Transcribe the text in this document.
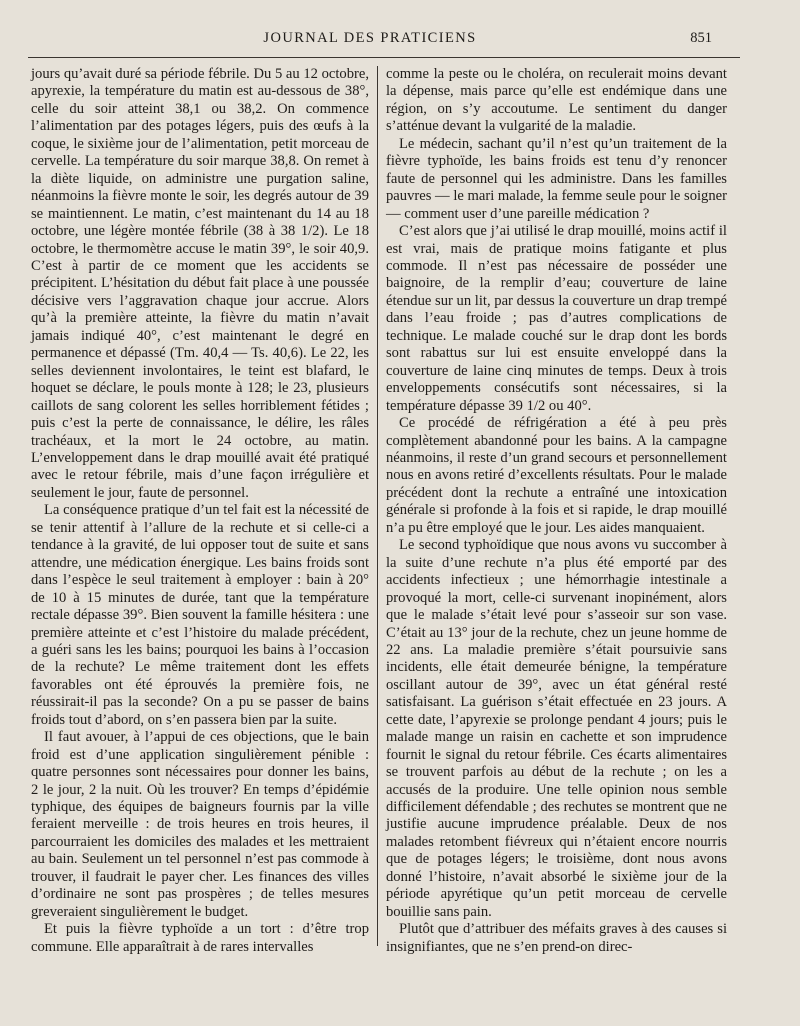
JOURNAL DES PRATICIENS	851

jours qu’avait duré sa période fébrile. Du 5 au 12 octobre, apyrexie, la température du matin est au-dessous de 38°, celle du soir atteint 38,1 ou 38,2. On commence l’alimentation par des potages légers, puis des œufs à la coque, le sixième jour de l’alimentation, petit morceau de cervelle. La température du soir marque 38,8. On remet à la diète liquide, on administre une purgation saline, néanmoins la fièvre monte le soir, les degrés autour de 39 se maintiennent. Le matin, c’est maintenant du 14 au 18 octobre, une légère montée fébrile (38 à 38 1/2). Le 18 octobre, le thermomètre accuse le matin 39°, le soir 40,9. C’est à partir de ce moment que les accidents se précipitent. L’hésitation du début fait place à une poussée décisive vers l’aggravation chaque jour accrue. Alors qu’à la première atteinte, la fièvre du matin n’avait jamais indiqué 40°, c’est maintenant le degré en permanence et dépassé (Tm. 40,4 — Ts. 40,6). Le 22, les selles deviennent involontaires, le teint est blafard, le hoquet se déclare, le pouls monte à 128; le 23, plusieurs caillots de sang colorent les selles horriblement fétides ; puis c’est la perte de connaissance, le délire, les râles trachéaux, et la mort le 24 octobre, au matin. L’enveloppement dans le drap mouillé avait été pratiqué avec le retour fébrile, mais d’une façon irrégulière et seulement le jour, faute de personnel.

La conséquence pratique d’un tel fait est la nécessité de se tenir attentif à l’allure de la rechute et si celle-ci a tendance à la gravité, de lui opposer tout de suite et sans attendre, une médication énergique. Les bains froids sont dans l’espèce le seul traitement à employer : bain à 20° de 10 à 15 minutes de durée, tant que la température rectale dépasse 39°. Bien souvent la famille hésitera : une première atteinte et c’est l’histoire du malade précédent, a guéri sans les les bains; pourquoi les bains à l’occasion de la rechute? Le même traitement dont les effets favorables ont été éprouvés la première fois, ne réussirait-il pas la seconde? On a pu se passer de bains froids tout d’abord, on s’en passera bien par la suite.

Il faut avouer, à l’appui de ces objections, que le bain froid est d’une application singulièrement pénible : quatre personnes sont nécessaires pour donner les bains, 2 le jour, 2 la nuit. Où les trouver? En temps d’épidémie typhique, des équipes de baigneurs fournis par la ville feraient merveille : de trois heures en trois heures, il parcourraient les domiciles des malades et les mettraient au bain. Seulement un tel personnel n’est pas commode à trouver, il faudrait le payer cher. Les finances des villes d’ordinaire ne sont pas prospères ; de telles mesures greveraient singulièrement le budget.

Et puis la fièvre typhoïde a un tort : d’être trop commune. Elle apparaîtrait à de rares intervalles

comme la peste ou le choléra, on reculerait moins devant la dépense, mais parce qu’elle est endémique dans une région, on s’y accoutume. Le sentiment du danger s’atténue devant la vulgarité de la maladie.

Le médecin, sachant qu’il n’est qu’un traitement de la fièvre typhoïde, les bains froids est tenu d’y renoncer faute de personnel qui les administre. Dans les familles pauvres — le mari malade, la femme seule pour le soigner — comment user d’une pareille médication ?

C’est alors que j’ai utilisé le drap mouillé, moins actif il est vrai, mais de pratique moins fatigante et plus commode. Il n’est pas nécessaire de posséder une baignoire, de la remplir d’eau; couverture de laine étendue sur un lit, par dessus la couverture un drap trempé dans l’eau froide ; pas d’autres complications de technique. Le malade couché sur le drap dont les bords sont rabattus sur lui est ensuite enveloppé dans la couverture de laine cinq minutes de temps. Deux à trois enveloppements consécutifs sont nécessaires, si la température dépasse 39 1/2 ou 40°.

Ce procédé de réfrigération a été à peu près complètement abandonné pour les bains. A la campagne néanmoins, il reste d’un grand secours et personnellement nous en avons retiré d’excellents résultats. Pour le malade précédent dont la rechute a entraîné une intoxication générale si profonde à la fois et si rapide, le drap mouillé n’a pu être employé que le jour. Les aides manquaient.

Le second typhoïdique que nous avons vu succomber à la suite d’une rechute n’a plus été emporté par des accidents infectieux ; une hémorrhagie intestinale a provoqué la mort, celle-ci survenant inopinément, alors que le malade s’était levé pour s’asseoir sur son vase. C’était au 13° jour de la rechute, chez un jeune homme de 22 ans. La maladie première s’était poursuivie sans incidents, elle était demeurée bénigne, la température oscillant autour de 39°, avec un état général resté satisfaisant. La guérison s’était effectuée en 23 jours. A cette date, l’apyrexie se prolonge pendant 4 jours; puis le malade mange un raisin en cachette et son imprudence fournit le signal du retour fébrile. Ces écarts alimentaires se trouvent parfois au début de la rechute ; on les a accusés de la produire. Une telle opinion nous semble difficilement défendable ; des rechutes se montrent que ne justifie aucune imprudence préalable. Deux de nos malades retombent fiévreux qui n’étaient encore nourris que de potages légers; le troisième, dont nous avons donné l’histoire, n’avait absorbé le sixième jour de la période apyrétique qu’un petit morceau de cervelle bouillie sans pain.

Plutôt que d’attribuer des méfaits graves à des causes si insignifiantes, que ne s’en prend-on direc-
